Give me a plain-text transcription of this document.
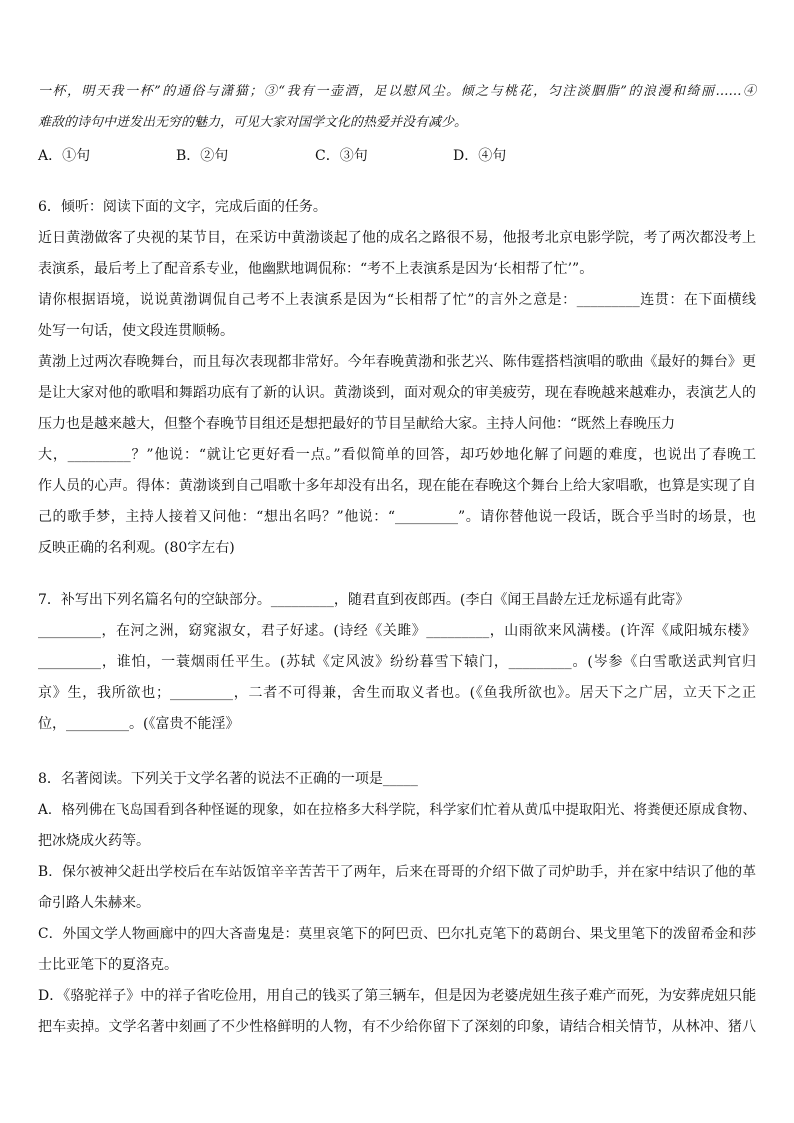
一杯，明天我一杯”的通俗与潇猫；③“我有一壶酒，足以慰风尘。倾之与桃花，匀注淡胭脂”的浪漫和绮丽……④
难敌的诗句中迸发出无穷的魅力，可见大家对国学文化的热爱并没有减少。
A．①句	B．②句	C．③句	D．④句
6．倾听：阅读下面的文字，完成后面的任务。
近日黄渤做客了央视的某节目，在采访中黄渤谈起了他的成名之路很不易，他报考北京电影学院，考了两次都没考上
表演系，最后考上了配音系专业，他幽默地调侃称：“考不上表演系是因为‘长相帮了忙’”。
请你根据语境，说说黄渤调侃自己考不上表演系是因为“长相帮了忙”的言外之意是：_________连贯：在下面横线
处写一句话，使文段连贯顺畅。
黄渤上过两次春晚舞台，而且每次表现都非常好。今年春晚黄渤和张艺兴、陈伟霆搭档演唱的歌曲《最好的舞台》更
是让大家对他的歌唱和舞蹈功底有了新的认识。黄渤谈到，面对观众的审美疲劳，现在春晚越来越难办，表演艺人的
压力也是越来越大，但整个春晚节目组还是想把最好的节目呈献给大家。主持人问他：“既然上春晚压力
大，_________？”他说：“就让它更好看一点。”看似简单的回答，却巧妙地化解了问题的难度，也说出了春晚工
作人员的心声。得体：黄渤谈到自己唱歌十多年却没有出名，现在能在春晚这个舞台上给大家唱歌，也算是实现了自
己的歌手梦，主持人接着又问他：“想出名吗？”他说：“_________”。请你替他说一段话，既合乎当时的场景，也
反映正确的名利观。(80字左右)
7．补写出下列名篇名句的空缺部分。_________，随君直到夜郎西。(李白《闻王昌龄左迁龙标遥有此寄》
_________，在河之洲，窈窕淑女，君子好逑。(诗经《关雎》_________，山雨欲来风满楼。(许浑《咸阳城东楼》
_________，谁怕，一蓑烟雨任平生。(苏轼《定风波》纷纷暮雪下辕门，_________。(岑参《白雪歌送武判官归
京》生，我所欲也；_________，二者不可得兼，舍生而取义者也。(《鱼我所欲也》。居天下之广居，立天下之正
位，_________。(《富贵不能淫》
8．名著阅读。下列关于文学名著的说法不正确的一项是_____
A．格列佛在飞岛国看到各种怪诞的现象，如在拉格多大科学院，科学家们忙着从黄瓜中提取阳光、将粪便还原成食物、
把冰烧成火药等。
B．保尔被神父赶出学校后在车站饭馆辛辛苦苦干了两年，后来在哥哥的介绍下做了司炉助手，并在家中结识了他的革
命引路人朱赫来。
C．外国文学人物画廊中的四大吝啬鬼是：莫里哀笔下的阿巴贡、巴尔扎克笔下的葛朗台、果戈里笔下的泼留希金和莎
士比亚笔下的夏洛克。
D．《骆驼祥子》中的祥子省吃俭用，用自己的钱买了第三辆车，但是因为老婆虎妞生孩子难产而死，为安葬虎妞只能
把车卖掉。文学名著中刻画了不少性格鲜明的人物，有不少给你留下了深刻的印象，请结合相关情节，从林冲、猪八
